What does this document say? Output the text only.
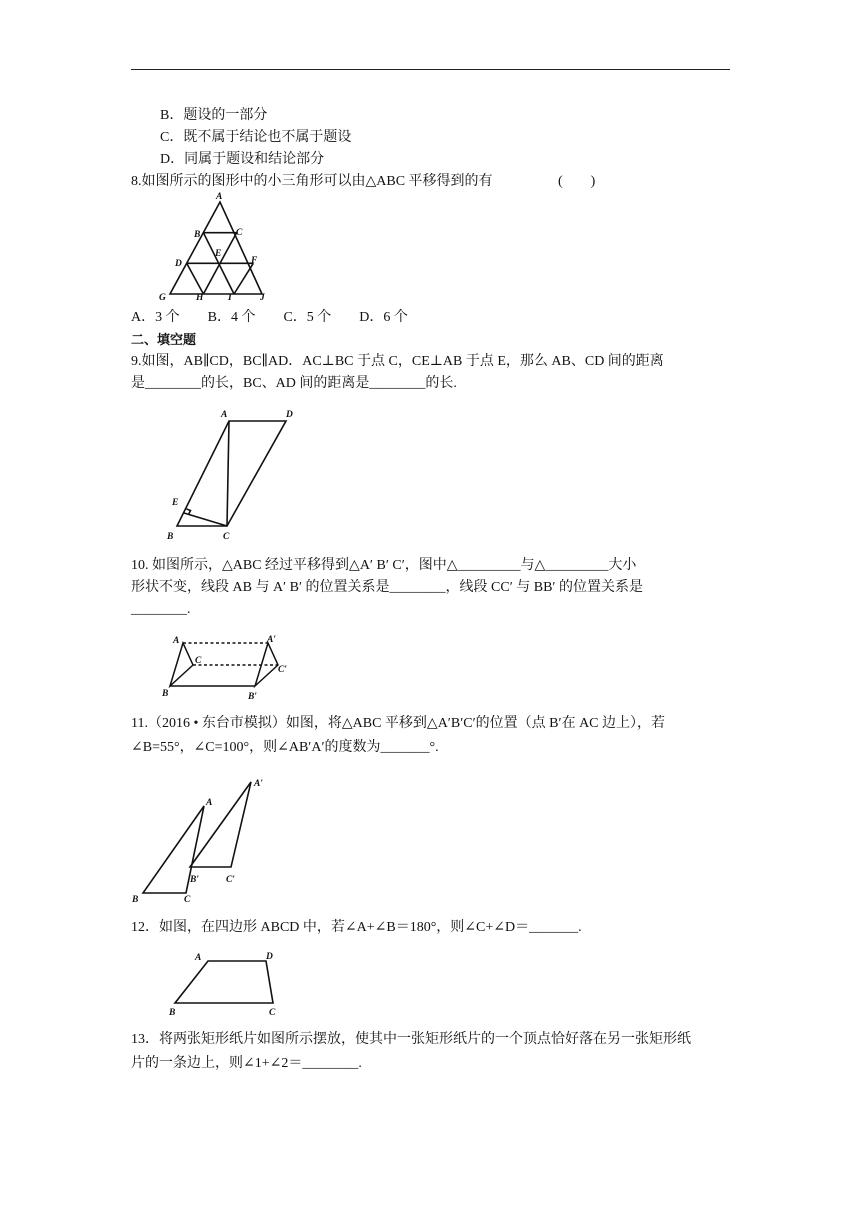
B．题设的一部分
C．既不属于结论也不属于题设
D．同属于题设和结论部分
8.如图所示的图形中的小三角形可以由△ABC 平移得到的有	(　　)
A
B	C
D
E
F
G	H	I	J
A．3 个　　B．4 个　　C．5 个　　D．6 个
二、填空题
9.如图，AB∥CD，BC∥AD．AC⊥BC 于点 C，CE⊥AB 于点 E，那么 AB、CD 间的距离
是________的长，BC、AD 间的距离是________的长.
A	D
E
B	C
10. 如图所示，△ABC 经过平移得到△A′ B′ C′，图中△_________与△_________大小
形状不变，线段 AB 与 A′ B′ 的位置关系是________，线段 CC′ 与 BB′ 的位置关系是
________.
A
C
B
A′
C′
B′
11.（2016 • 东台市模拟）如图，将△ABC 平移到△A′B′C′的位置（点 B′在 AC 边上），若
∠B=55°，∠C=100°，则∠AB′A′的度数为_______°.
A
A′
B
B′
C
C′
12．如图，在四边形 ABCD 中，若∠A+∠B＝180°，则∠C+∠D＝_______.
A	D
B	C
13．将两张矩形纸片如图所示摆放，使其中一张矩形纸片的一个顶点恰好落在另一张矩形纸
片的一条边上，则∠1+∠2＝________.
